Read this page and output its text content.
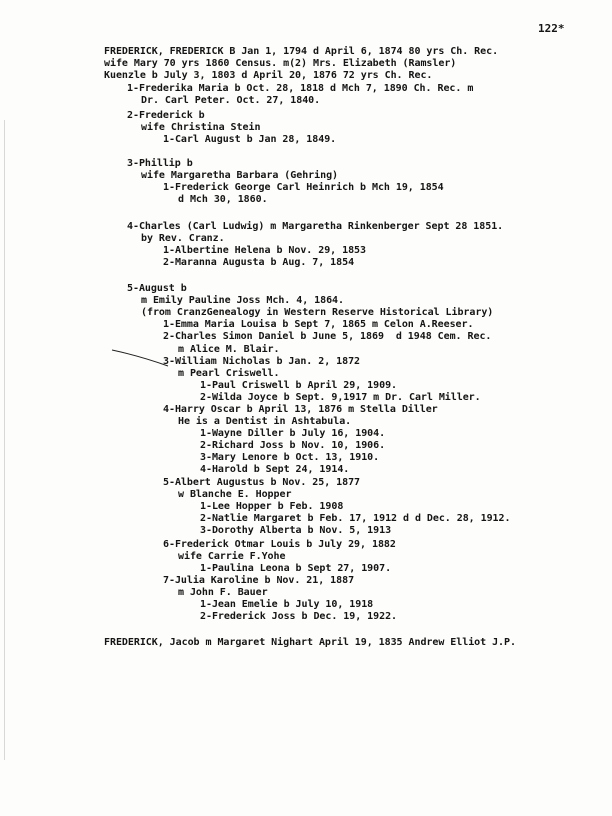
122*
FREDERICK, FREDERICK B Jan 1, 1794 d April 6, 1874 80 yrs Ch. Rec.
wife Mary 70 yrs 1860 Census. m(2) Mrs. Elizabeth (Ramsler)
Kuenzle b July 3, 1803 d April 20, 1876 72 yrs Ch. Rec.
1-Frederika Maria b Oct. 28, 1818 d Mch 7, 1890 Ch. Rec. m
Dr. Carl Peter. Oct. 27, 1840.
2-Frederick b
wife Christina Stein
1-Carl August b Jan 28, 1849.
3-Phillip b
wife Margaretha Barbara (Gehring)
1-Frederick George Carl Heinrich b Mch 19, 1854
d Mch 30, 1860.
4-Charles (Carl Ludwig) m Margaretha Rinkenberger Sept 28 1851.
by Rev. Cranz.
1-Albertine Helena b Nov. 29, 1853
2-Maranna Augusta b Aug. 7, 1854
5-August b
m Emily Pauline Joss Mch. 4, 1864.
(from CranzGenealogy in Western Reserve Historical Library)
1-Emma Maria Louisa b Sept 7, 1865 m Celon A.Reeser.
2-Charles Simon Daniel b June 5, 1869  d 1948 Cem. Rec.
m Alice M. Blair.
3-William Nicholas b Jan. 2, 1872
m Pearl Criswell.
1-Paul Criswell b April 29, 1909.
2-Wilda Joyce b Sept. 9,1917 m Dr. Carl Miller.
4-Harry Oscar b April 13, 1876 m Stella Diller
He is a Dentist in Ashtabula.
1-Wayne Diller b July 16, 1904.
2-Richard Joss b Nov. 10, 1906.
3-Mary Lenore b Oct. 13, 1910.
4-Harold b Sept 24, 1914.
5-Albert Augustus b Nov. 25, 1877
w Blanche E. Hopper
1-Lee Hopper b Feb. 1908
2-Natlie Margaret b Feb. 17, 1912 d d Dec. 28, 1912.
3-Dorothy Alberta b Nov. 5, 1913
6-Frederick Otmar Louis b July 29, 1882
wife Carrie F.Yohe
1-Paulina Leona b Sept 27, 1907.
7-Julia Karoline b Nov. 21, 1887
m John F. Bauer
1-Jean Emelie b July 10, 1918
2-Frederick Joss b Dec. 19, 1922.
FREDERICK, Jacob m Margaret Nighart April 19, 1835 Andrew Elliot J.P.
